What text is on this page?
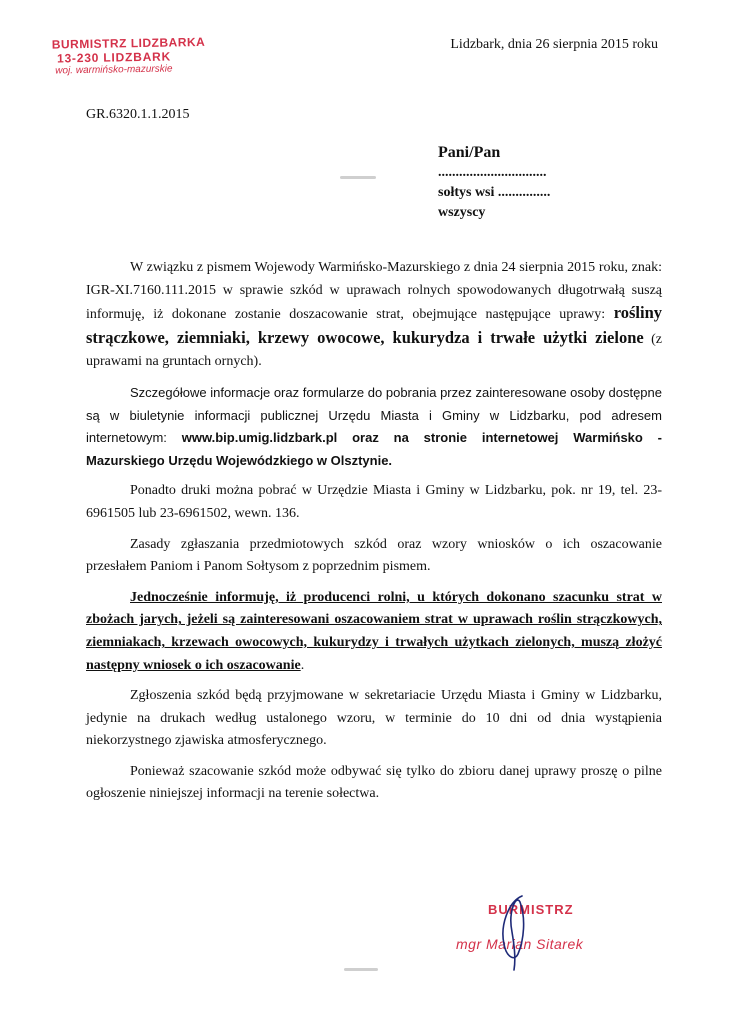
BURMISTRZ LIDZBARKA
13-230 LIDZBARK
woj. warmińsko-mazurskie
Lidzbark, dnia 26 sierpnia 2015 roku
GR.6320.1.1.2015
Pani/Pan
...............................
sołtys wsi ...............
wszyscy

W związku z pismem Wojewody Warmińsko-Mazurskiego z dnia 24 sierpnia 2015 roku, znak: IGR-XI.7160.111.2015 w sprawie szkód w uprawach rolnych spowodowanych długotrwałą suszą informuję, iż dokonane zostanie doszacowanie strat, obejmujące następujące uprawy: rośliny strączkowe, ziemniaki, krzewy owocowe, kukurydza i trwałe użytki zielone (z uprawami na gruntach ornych).

Szczegółowe informacje oraz formularze do pobrania przez zainteresowane osoby dostępne są w biuletynie informacji publicznej Urzędu Miasta i Gminy w Lidzbarku, pod adresem internetowym: www.bip.umig.lidzbark.pl oraz na stronie internetowej Warmińsko - Mazurskiego Urzędu Wojewódzkiego w Olsztynie.

Ponadto druki można pobrać w Urzędzie Miasta i Gminy w Lidzbarku, pok. nr 19, tel. 23-6961505 lub 23-6961502, wewn. 136.

Zasady zgłaszania przedmiotowych szkód oraz wzory wniosków o ich oszacowanie przesłałem Paniom i Panom Sołtysom z poprzednim pismem.

Jednocześnie informuję, iż producenci rolni, u których dokonano szacunku strat w zbożach jarych, jeżeli są zainteresowani oszacowaniem strat w uprawach roślin strączkowych, ziemniakach, krzewach owocowych, kukurydzy i trwałych użytkach zielonych, muszą złożyć następny wniosek o ich oszacowanie.

Zgłoszenia szkód będą przyjmowane w sekretariacie Urzędu Miasta i Gminy w Lidzbarku, jedynie na drukach według ustalonego wzoru, w terminie do 10 dni od dnia wystąpienia niekorzystnego zjawiska atmosferycznego.

Ponieważ szacowanie szkód może odbywać się tylko do zbioru danej uprawy proszę o pilne ogłoszenie niniejszej informacji na terenie sołectwa.

BURMISTRZ
mgr Marian Sitarek
